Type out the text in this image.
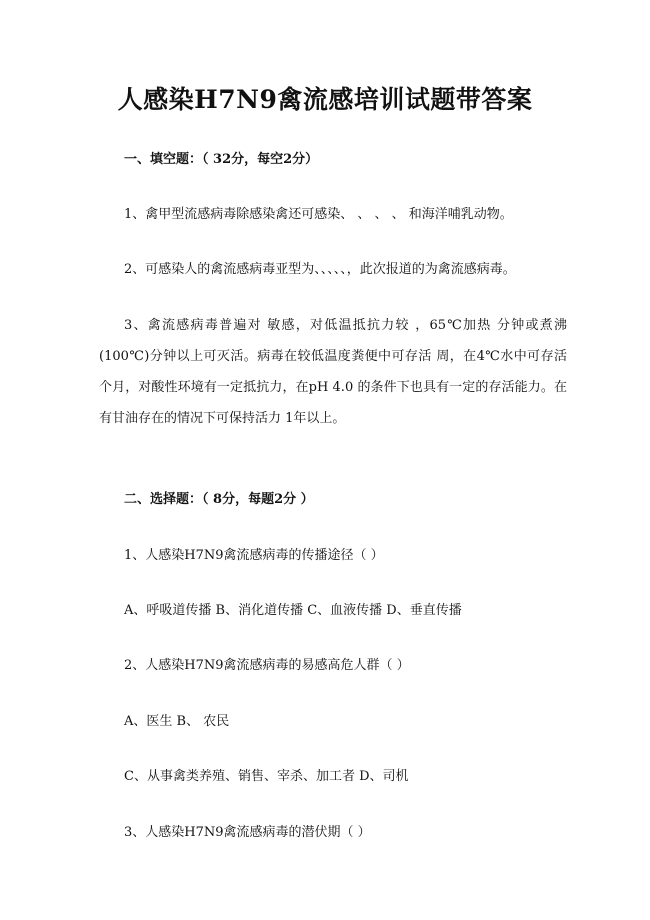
人感染H7N9禽流感培训试题带答案

一、填空题：（ 32分，每空2分）

1、禽甲型流感病毒除感染禽还可感染、 、 、 、 和海洋哺乳动物。

2、可感染人的禽流感病毒亚型为、、、、、，此次报道的为禽流感病毒。

3、禽流感病毒普遍对 敏感，对低温抵抗力较 ，65℃加热 分钟或煮沸(100℃)分钟以上可灭活。病毒在较低温度粪便中可存活 周，在4℃水中可存活 个月，对酸性环境有一定抵抗力，在pH 4.0 的条件下也具有一定的存活能力。在有甘油存在的情况下可保持活力 1年以上。

二、选择题：（ 8分，每题2分 ）

1、人感染H7N9禽流感病毒的传播途径（ ）

A、呼吸道传播 B、消化道传播 C、血液传播 D、垂直传播

2、人感染H7N9禽流感病毒的易感高危人群（ ）

A、医生 B、 农民

C、从事禽类养殖、销售、宰杀、加工者 D、司机

3、人感染H7N9禽流感病毒的潜伏期（ ）
